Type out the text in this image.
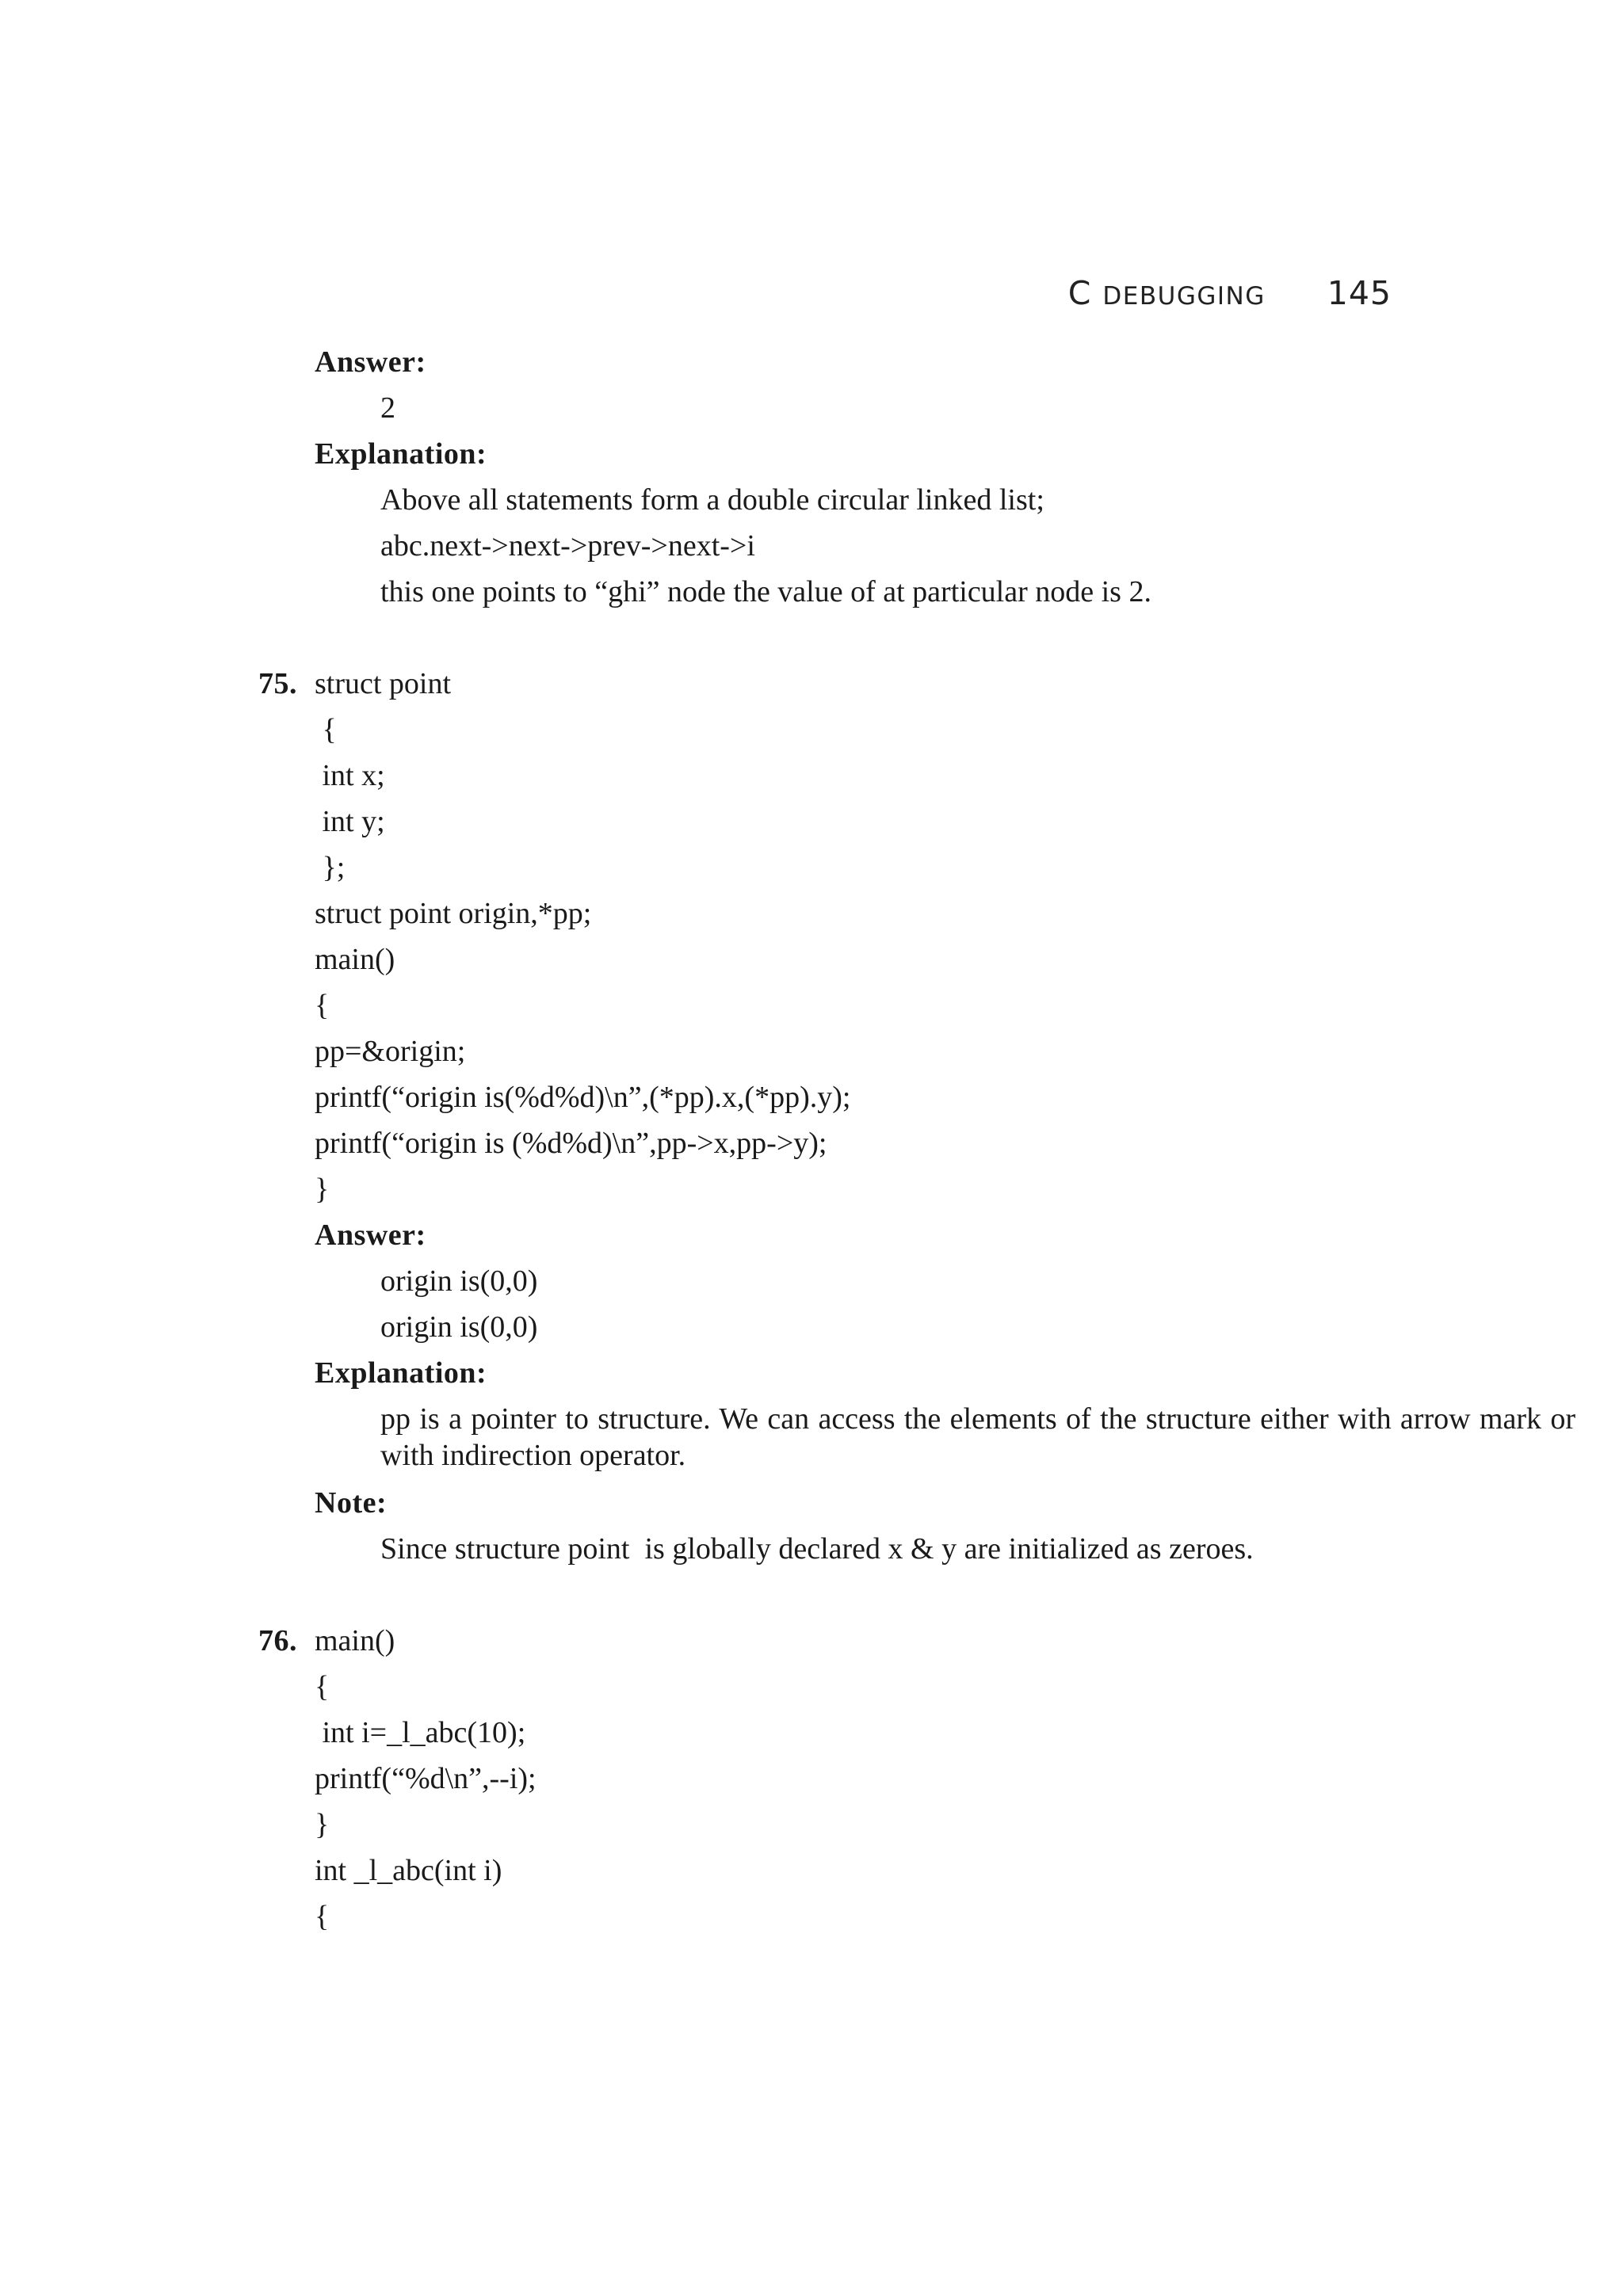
C DEBUGGING 145
Answer:
2
Explanation:
Above all statements form a double circular linked list;
abc.next->next->prev->next->i
this one points to “ghi” node the value of at particular node is 2.
75. struct point
{
int x;
int y;
};
struct point origin,*pp;
main()
{
pp=&origin;
printf(“origin is(%d%d)\n”,(*pp).x,(*pp).y);
printf(“origin is (%d%d)\n”,pp->x,pp->y);
}
Answer:
origin is(0,0)
origin is(0,0)
Explanation:
pp is a pointer to structure. We can access the elements of the structure either with arrow mark or with indirection operator.
Note:
Since structure point  is globally declared x & y are initialized as zeroes.
76. main()
{
int i=_l_abc(10);
printf(“%d\n”,--i);
}
int _l_abc(int i)
{
